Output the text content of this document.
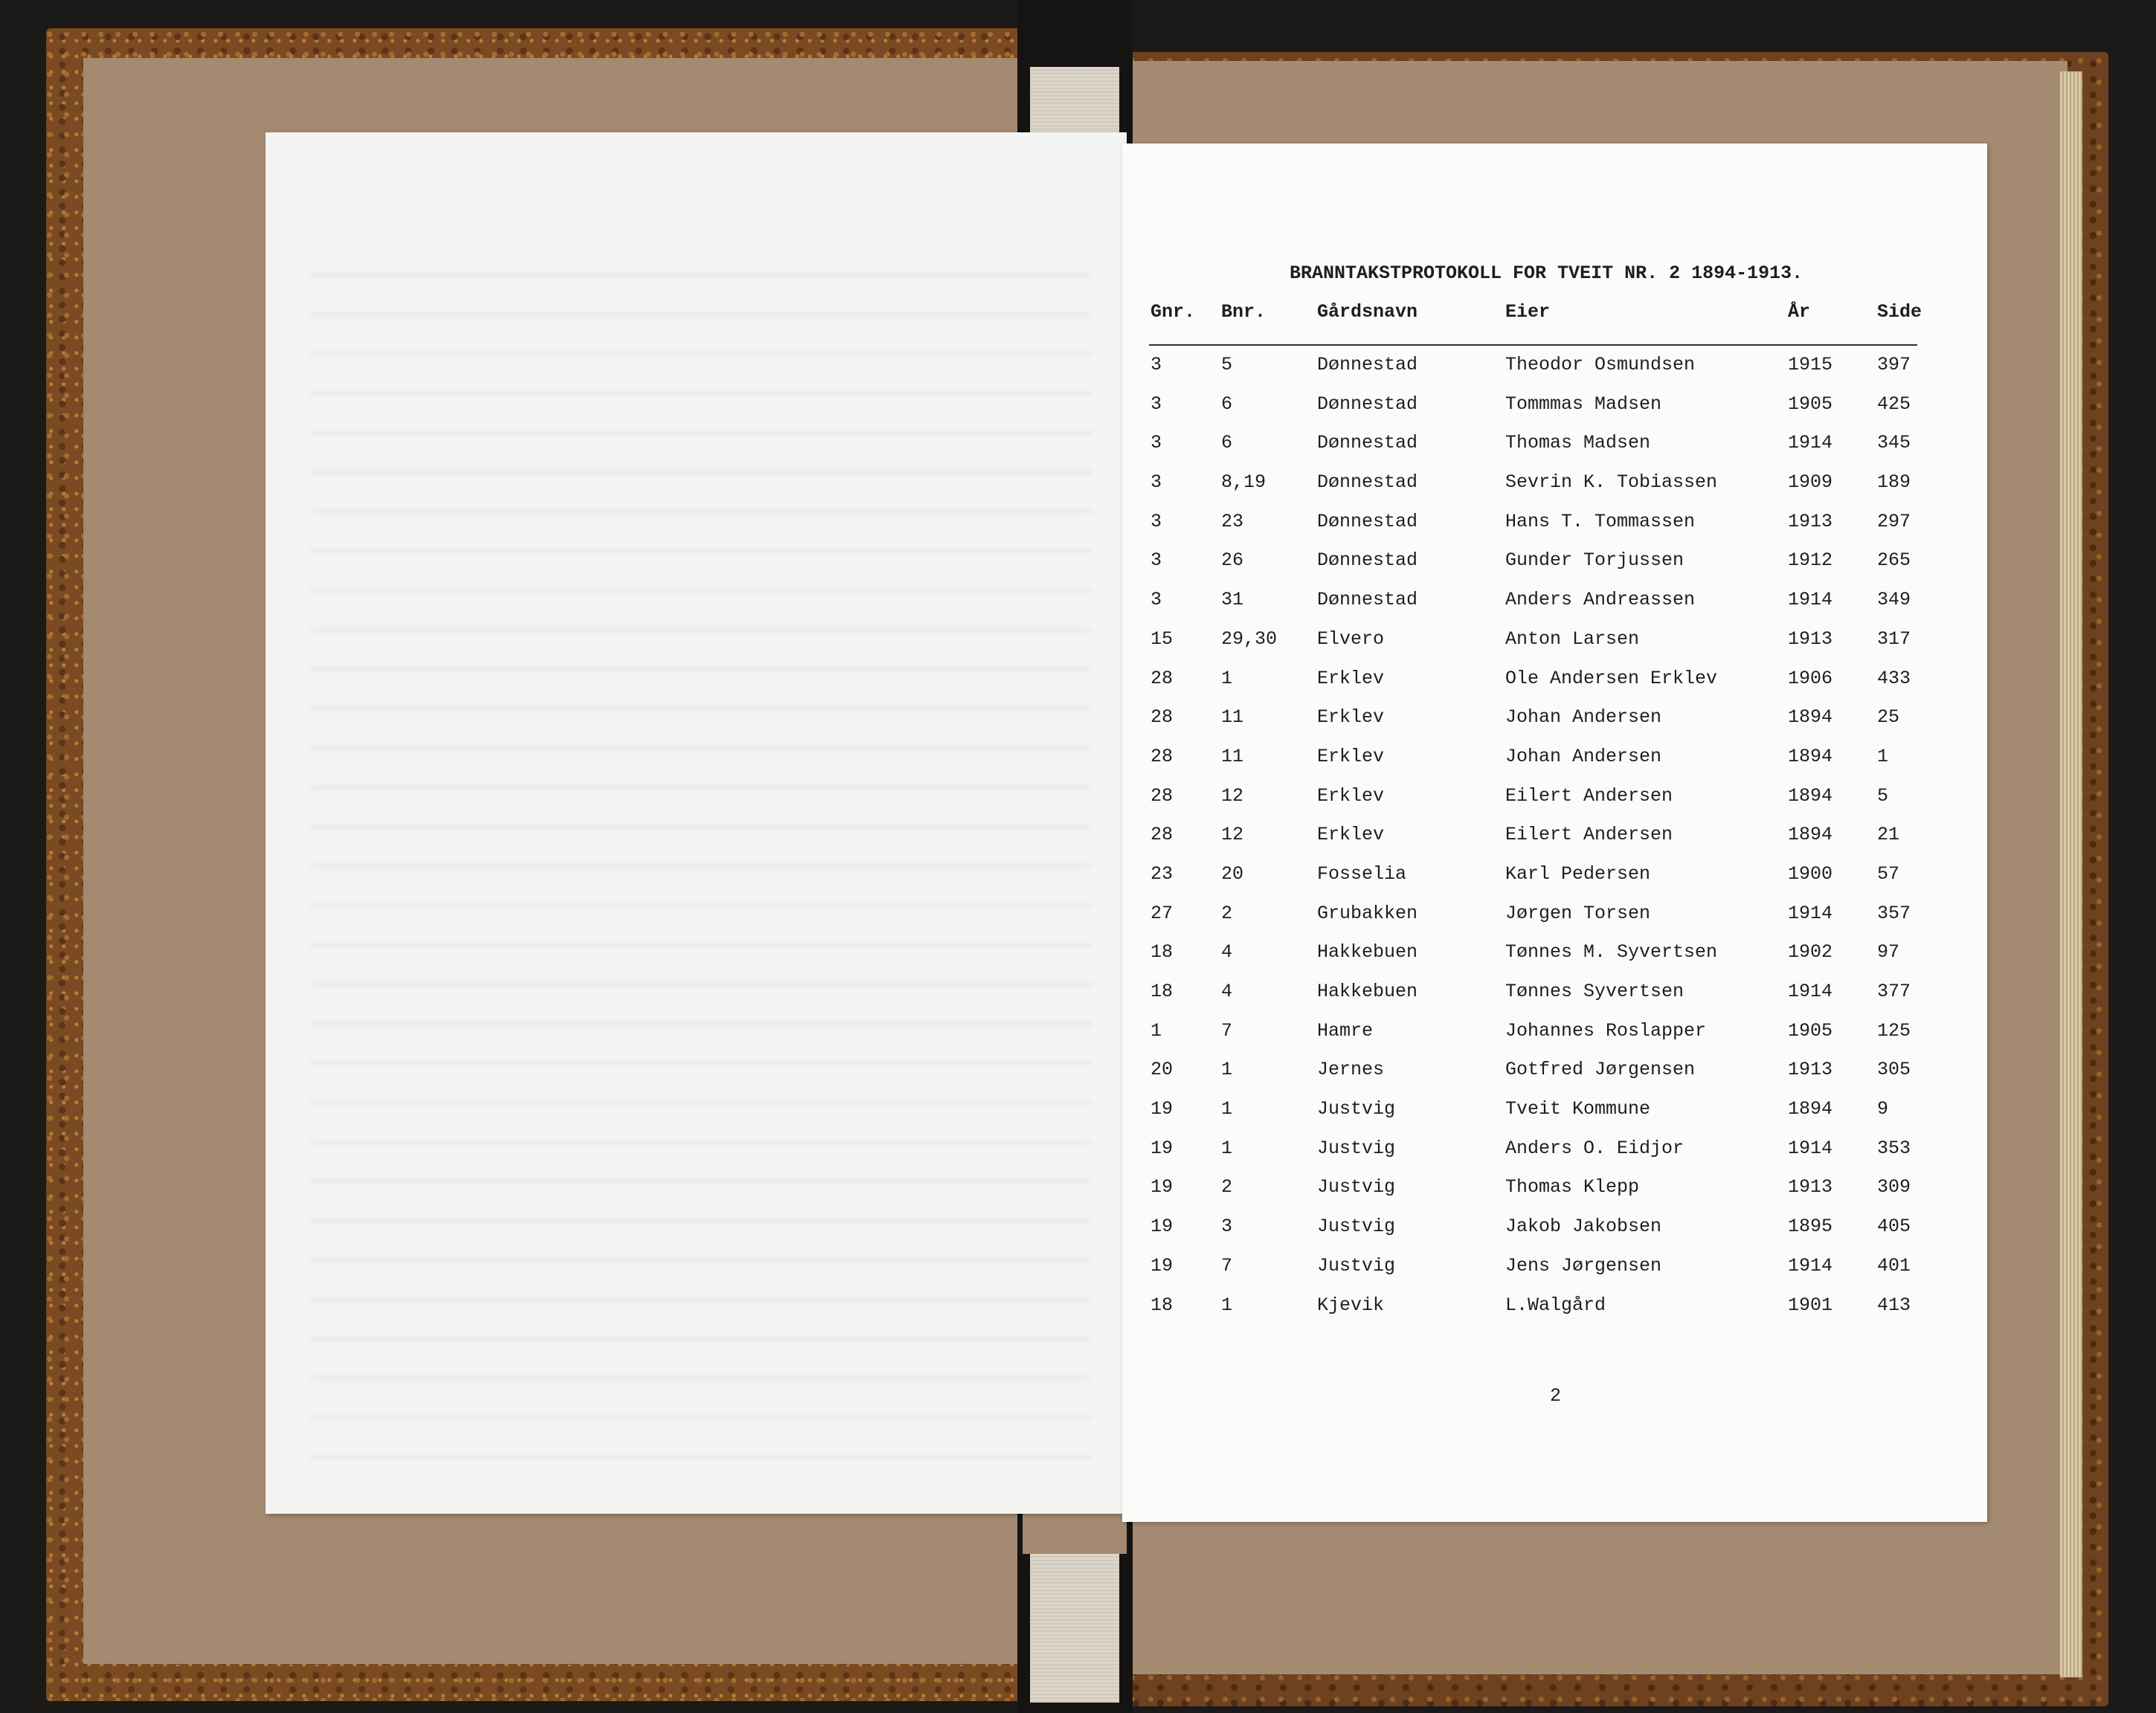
BRANNTAKSTPROTOKOLL FOR TVEIT NR. 2 1894-1913.
Gnr. Bnr.	Gårdsnavn	Eier	År	Side
3	5	Dønnestad	Theodor Osmundsen	1915 397
3	6	Dønnestad	Tommmas Madsen	1905 425
3	6	Dønnestad	Thomas Madsen	1914 345
3	8,19	Dønnestad	Sevrin K. Tobiassen	1909 189
3	23	Dønnestad	Hans T. Tommassen	1913 297
3	26	Dønnestad	Gunder Torjussen	1912 265
3	31	Dønnestad	Anders Andreassen	1914 349
15	29,30 Elvero	Anton Larsen	1913 317
28	1	Erklev	Ole Andersen Erklev	1906 433
28	11	Erklev	Johan Andersen	1894 25
28	11	Erklev	Johan Andersen	1894 1
28	12	Erklev	Eilert Andersen	1894 5
28	12	Erklev	Eilert Andersen	1894 21
23	20	Fosselia	Karl Pedersen	1900 57
27	2	Grubakken	Jørgen Torsen	1914 357
18	4	Hakkebuen	Tønnes M. Syvertsen	1902 97
18	4	Hakkebuen	Tønnes Syvertsen	1914 377
1	7	Hamre	Johannes Roslapper	1905 125
20	1	Jernes	Gotfred Jørgensen	1913 305
19	1	Justvig	Tveit Kommune	1894 9
19	1	Justvig	Anders O. Eidjor	1914 353
19	2	Justvig	Thomas Klepp	1913 309
19	3	Justvig	Jakob Jakobsen	1895 405
19	7	Justvig	Jens Jørgensen	1914 401
18	1	Kjevik	L.Walgård	1901 413
2
